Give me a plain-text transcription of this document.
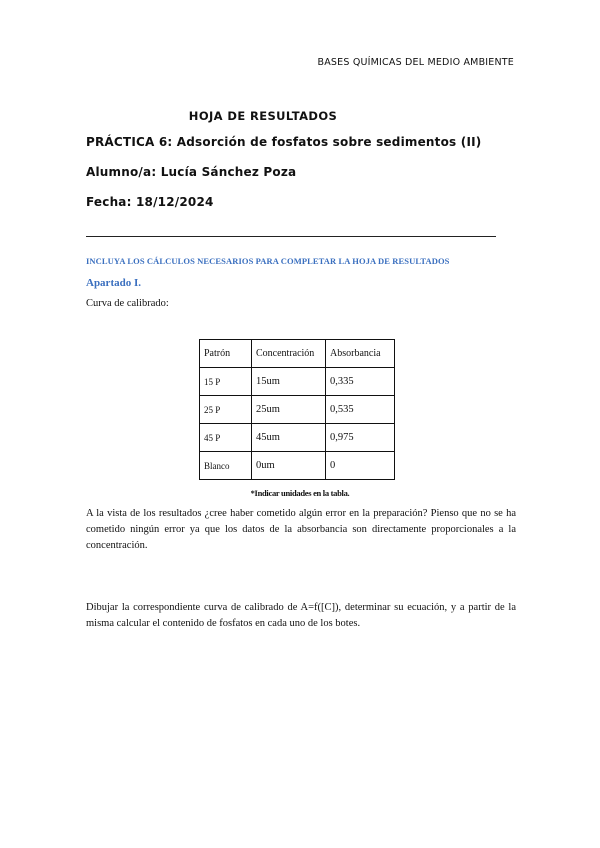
BASES QUÍMICAS DEL MEDIO AMBIENTE
HOJA DE RESULTADOS
PRÁCTICA 6: Adsorción de fosfatos sobre sedimentos (II)
Alumno/a: Lucía Sánchez Poza
Fecha: 18/12/2024
INCLUYA LOS CÁLCULOS NECESARIOS PARA COMPLETAR LA HOJA DE RESULTADOS
Apartado I.
Curva de calibrado:
Patrón	Concentración	Absorbancia
15 P	15um	0,335
25 P	25um	0,535
45 P	45um	0,975
Blanco	0um	0
*Indicar unidades en la tabla.
A la vista de los resultados ¿cree haber cometido algún error en la preparación? Pienso que no se ha cometido ningún error ya que los datos de la absorbancia son directamente proporcionales a la concentración.
Dibujar la correspondiente curva de calibrado de A=f([C]), determinar su ecuación, y a partir de la misma calcular el contenido de fosfatos en cada uno de los botes.
